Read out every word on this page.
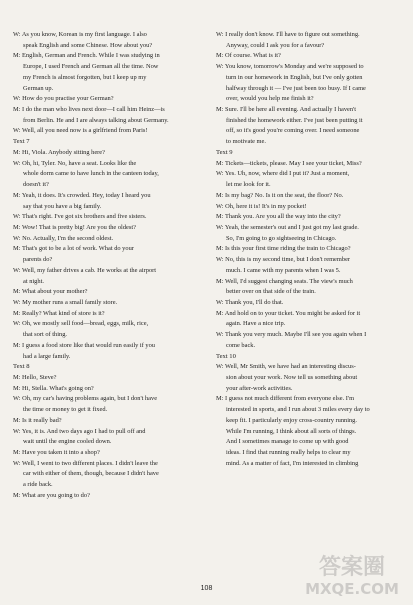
W: As you know, Korean is my first language. I also
speak English and some Chinese. How about you?
M: English, German and French. While I was studying in
Europe, I used French and German all the time. Now
my French is almost forgotten, but I keep up my
German up.
W: How do you practise your German?
M: I do the man who lives next door—I call him Heinz—is
from Berlin. He and I are always talking about Germany.
W: Well, all you need now is a girlfriend from Paris!
Text 7
M: Hi, Viola. Anybody sitting here?
W: Oh, hi, Tyler. No, have a seat. Looks like the
whole dorm came to have lunch in the canteen today,
doesn't it?
M: Yeah, it does. It's crowded. Hey, today I heard you
say that you have a big family.
W: That's right. I've got six brothers and five sisters.
M: Wow! That is pretty big! Are you the oldest?
W: No. Actually, I'm the second oldest.
M: That's got to be a lot of work. What do your
parents do?
W: Well, my father drives a cab. He works at the airport
at night.
M: What about your mother?
W: My mother runs a small family store.
M: Really? What kind of store is it?
W: Oh, we mostly sell food—bread, eggs, milk, rice,
that sort of thing.
M: I guess a food store like that would run easily if you
had a large family.
Text 8
M: Hello, Steve?
M: Hi, Stella. What's going on?
W: Oh, my car's having problems again, but I don't have
the time or money to get it fixed.
M: Is it really bad?
W: Yes, it is. And two days ago I had to pull off and
wait until the engine cooled down.
M: Have you taken it into a shop?
W: Well, I went to two different places. I didn't leave the
car with either of them, though, because I didn't have
a ride back.
M: What are you going to do?
W: I really don't know. I'll have to figure out something.
Anyway, could I ask you for a favour?
M: Of course. What is it?
W: You know, tomorrow's Monday and we're supposed to
turn in our homework in English, but I've only gotten
halfway through it — I've just been too busy. If I came
over, would you help me finish it?
M: Sure. I'll be here all evening. And actually I haven't
finished the homework either. I've just been putting it
off, so it's good you're coming over. I need someone
to motivate me.
Text 9
M: Tickets—tickets, please. May I see your ticket, Miss?
W: Yes. Uh, now, where did I put it? Just a moment,
let me look for it.
M: Is my bag? No. Is it on the seat, the floor? No.
W: Oh, here it is! It's in my pocket!
M: Thank you. Are you all the way into the city?
W: Yeah, the semester's out and I just got my last grade.
So, I'm going to go sightseeing in Chicago.
M: Is this your first time riding the train to Chicago?
W: No, this is my second time, but I don't remember
much. I came with my parents when I was 5.
M: Well, I'd suggest changing seats. The view's much
better over on that side of the train.
W: Thank you, I'll do that.
M: And hold on to your ticket. You might be asked for it
again. Have a nice trip.
W: Thank you very much. Maybe I'll see you again when I
come back.
Text 10
W: Well, Mr Smith, we have had an interesting discus-
sion about your work. Now tell us something about
your after-work activities.
M: I guess not much different from everyone else. I'm
interested in sports, and I run about 3 miles every day to
keep fit. I particularly enjoy cross-country running.
While I'm running, I think about all sorts of things.
And I sometimes manage to come up with good
ideas. I find that running really helps to clear my
mind. As a matter of fact, I'm interested in climbing
答案圈
MXQE.COM
108
